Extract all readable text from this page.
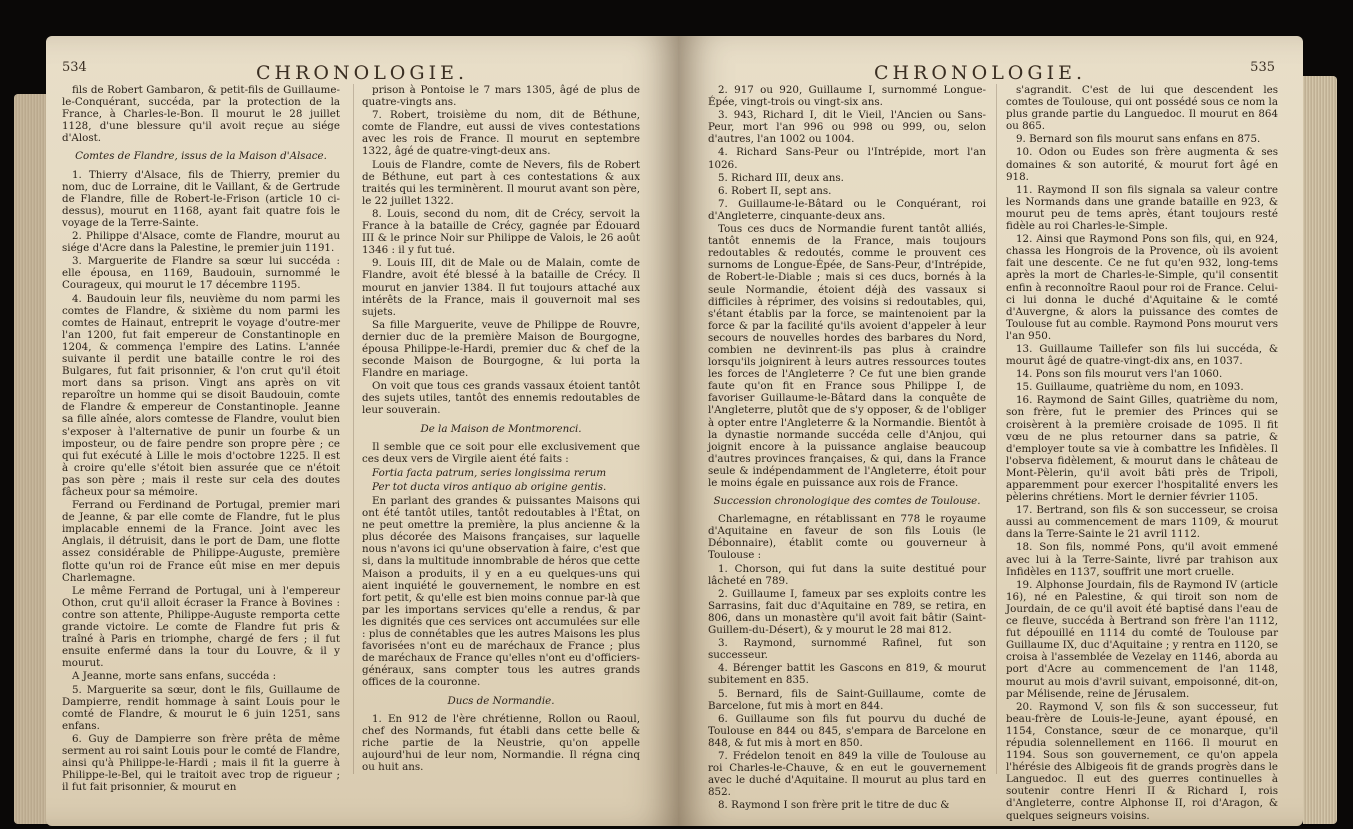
534	CHRONOLOGIE.

fils de Robert Gambaron, & petit-fils de Guillaume-le-Conquérant, succéda, par la protection de la France, à Charles-le-Bon. Il mourut le 28 juillet 1128, d'une blessure qu'il avoit reçue au siége d'Alost.

Comtes de Flandre, issus de la Maison d'Alsace.

1. Thierry d'Alsace, fils de Thierry, premier du nom, duc de Lorraine, dit le Vaillant, & de Gertrude de Flandre, fille de Robert-le-Frison (article 10 ci-dessus), mourut en 1168, ayant fait quatre fois le voyage de la Terre-Sainte.

2. Philippe d'Alsace, comte de Flandre, mourut au siége d'Acre dans la Palestine, le premier juin 1191.

3. Marguerite de Flandre sa sœur lui succéda : elle épousa, en 1169, Baudouin, surnommé le Courageux, qui mourut le 17 décembre 1195.

4. Baudouin leur fils, neuvième du nom parmi les comtes de Flandre, & sixième du nom parmi les comtes de Hainaut, entreprit le voyage d'outre-mer l'an 1200, fut fait empereur de Constantinople en 1204, & commença l'empire des Latins. L'année suivante il perdit une bataille contre le roi des Bulgares, fut fait prisonnier, & l'on crut qu'il étoit mort dans sa prison. Vingt ans après on vit reparoître un homme qui se disoit Baudouin, comte de Flandre & empereur de Constantinople. Jeanne sa fille aînée, alors comtesse de Flandre, voulut bien s'exposer à l'alternative de punir un fourbe & un imposteur, ou de faire pendre son propre père ; ce qui fut exécuté à Lille le mois d'octobre 1225. Il est à croire qu'elle s'étoit bien assurée que ce n'étoit pas son père ; mais il reste sur cela des doutes fâcheux pour sa mémoire.

Ferrand ou Ferdinand de Portugal, premier mari de Jeanne, & par elle comte de Flandre, fut le plus implacable ennemi de la France. Joint avec les Anglais, il détruisit, dans le port de Dam, une flotte assez considérable de Philippe-Auguste, première flotte qu'un roi de France eût mise en mer depuis Charlemagne.

Le même Ferrand de Portugal, uni à l'empereur Othon, crut qu'il alloit écraser la France à Bovines : contre son attente, Philippe-Auguste remporta cette grande victoire. Le comte de Flandre fut pris & traîné à Paris en triomphe, chargé de fers ; il fut ensuite enfermé dans la tour du Louvre, & il y mourut.

A Jeanne, morte sans enfans, succéda :

5. Marguerite sa sœur, dont le fils, Guillaume de Dampierre, rendit hommage à saint Louis pour le comté de Flandre, & mourut le 6 juin 1251, sans enfans.

6. Guy de Dampierre son frère prêta de même serment au roi saint Louis pour le comté de Flandre, ainsi qu'à Philippe-le-Hardi ; mais il fit la guerre à Philippe-le-Bel, qui le traitoit avec trop de rigueur ; il fut fait prisonnier, & mourut en

prison à Pontoise le 7 mars 1305, âgé de plus de quatre-vingts ans.

7. Robert, troisième du nom, dit de Béthune, comte de Flandre, eut aussi de vives contestations avec les rois de France. Il mourut en septembre 1322, âgé de quatre-vingt-deux ans.

Louis de Flandre, comte de Nevers, fils de Robert de Béthune, eut part à ces contestations & aux traités qui les terminèrent. Il mourut avant son père, le 22 juillet 1322.

8. Louis, second du nom, dit de Crécy, servoit la France à la bataille de Crécy, gagnée par Édouard III & le prince Noir sur Philippe de Valois, le 26 août 1346 : il y fut tué.

9. Louis III, dit de Male ou de Malain, comte de Flandre, avoit été blessé à la bataille de Crécy. Il mourut en janvier 1384. Il fut toujours attaché aux intérêts de la France, mais il gouvernoit mal ses sujets.

Sa fille Marguerite, veuve de Philippe de Rouvre, dernier duc de la première Maison de Bourgogne, épousa Philippe-le-Hardi, premier duc & chef de la seconde Maison de Bourgogne, & lui porta la Flandre en mariage.

On voit que tous ces grands vassaux étoient tantôt des sujets utiles, tantôt des ennemis redoutables de leur souverain.

De la Maison de Montmorenci.

Il semble que ce soit pour elle exclusivement que ces deux vers de Virgile aient été faits :

Fortia facta patrum, series longissima rerum

Per tot ducta viros antiquo ab origine gentis.

En parlant des grandes & puissantes Maisons qui ont été tantôt utiles, tantôt redoutables à l'État, on ne peut omettre la première, la plus ancienne & la plus décorée des Maisons françaises, sur laquelle nous n'avons ici qu'une observation à faire, c'est que si, dans la multitude innombrable de héros que cette Maison a produits, il y en a eu quelques-uns qui aient inquiété le gouvernement, le nombre en est fort petit, & qu'elle est bien moins connue par-là que par les importans services qu'elle a rendus, & par les dignités que ces services ont accumulées sur elle : plus de connétables que les autres Maisons les plus favorisées n'ont eu de maréchaux de France ; plus de maréchaux de France qu'elles n'ont eu d'officiers-généraux, sans compter tous les autres grands offices de la couronne.

Ducs de Normandie.

1. En 912 de l'ère chrétienne, Rollon ou Raoul, chef des Normands, fut établi dans cette belle & riche partie de la Neustrie, qu'on appelle aujourd'hui de leur nom, Normandie. Il régna cinq ou huit ans.

CHRONOLOGIE.	535

2. 917 ou 920, Guillaume I, surnommé Longue-Épée, vingt-trois ou vingt-six ans.

3. 943, Richard I, dit le Vieil, l'Ancien ou Sans-Peur, mort l'an 996 ou 998 ou 999, ou, selon d'autres, l'an 1002 ou 1004.

4. Richard Sans-Peur ou l'Intrépide, mort l'an 1026.

5. Richard III, deux ans.

6. Robert II, sept ans.

7. Guillaume-le-Bâtard ou le Conquérant, roi d'Angleterre, cinquante-deux ans.

Tous ces ducs de Normandie furent tantôt alliés, tantôt ennemis de la France, mais toujours redoutables & redoutés, comme le prouvent ces surnoms de Longue-Épée, de Sans-Peur, d'Intrépide, de Robert-le-Diable ; mais si ces ducs, bornés à la seule Normandie, étoient déjà des vassaux si difficiles à réprimer, des voisins si redoutables, qui, s'étant établis par la force, se maintenoient par la force & par la facilité qu'ils avoient d'appeler à leur secours de nouvelles hordes des barbares du Nord, combien ne devinrent-ils pas plus à craindre lorsqu'ils joignirent à leurs autres ressources toutes les forces de l'Angleterre ? Ce fut une bien grande faute qu'on fit en France sous Philippe I, de favoriser Guillaume-le-Bâtard dans la conquête de l'Angleterre, plutôt que de s'y opposer, & de l'obliger à opter entre l'Angleterre & la Normandie. Bientôt à la dynastie normande succéda celle d'Anjou, qui joignit encore à la puissance anglaise beaucoup d'autres provinces françaises, & qui, dans la France seule & indépendamment de l'Angleterre, étoit pour le moins égale en puissance aux rois de France.

Succession chronologique des comtes de Toulouse.

Charlemagne, en rétablissant en 778 le royaume d'Aquitaine en faveur de son fils Louis (le Débonnaire), établit comte ou gouverneur à Toulouse :

1. Chorson, qui fut dans la suite destitué pour lâcheté en 789.

2. Guillaume I, fameux par ses exploits contre les Sarrasins, fait duc d'Aquitaine en 789, se retira, en 806, dans un monastère qu'il avoit fait bâtir (Saint-Guillem-du-Désert), & y mourut le 28 mai 812.

3. Raymond, surnommé Rafinel, fut son successeur.

4. Bérenger battit les Gascons en 819, & mourut subitement en 835.

5. Bernard, fils de Saint-Guillaume, comte de Barcelone, fut mis à mort en 844.

6. Guillaume son fils fut pourvu du duché de Toulouse en 844 ou 845, s'empara de Barcelone en 848, & fut mis à mort en 850.

7. Frédelon tenoit en 849 la ville de Toulouse au roi Charles-le-Chauve, & en eut le gouvernement avec le duché d'Aquitaine. Il mourut au plus tard en 852.

8. Raymond I son frère prit le titre de duc &

s'agrandit. C'est de lui que descendent les comtes de Toulouse, qui ont possédé sous ce nom la plus grande partie du Languedoc. Il mourut en 864 ou 865.

9. Bernard son fils mourut sans enfans en 875.

10. Odon ou Eudes son frère augmenta & ses domaines & son autorité, & mourut fort âgé en 918.

11. Raymond II son fils signala sa valeur contre les Normands dans une grande bataille en 923, & mourut peu de tems après, étant toujours resté fidèle au roi Charles-le-Simple.

12. Ainsi que Raymond Pons son fils, qui, en 924, chassa les Hongrois de la Provence, où ils avoient fait une descente. Ce ne fut qu'en 932, long-tems après la mort de Charles-le-Simple, qu'il consentit enfin à reconnoître Raoul pour roi de France. Celui-ci lui donna le duché d'Aquitaine & le comté d'Auvergne, & alors la puissance des comtes de Toulouse fut au comble. Raymond Pons mourut vers l'an 950.

13. Guillaume Taillefer son fils lui succéda, & mourut âgé de quatre-vingt-dix ans, en 1037.

14. Pons son fils mourut vers l'an 1060.

15. Guillaume, quatrième du nom, en 1093.

16. Raymond de Saint Gilles, quatrième du nom, son frère, fut le premier des Princes qui se croisèrent à la première croisade de 1095. Il fit vœu de ne plus retourner dans sa patrie, & d'employer toute sa vie à combattre les Infidèles. Il l'observa fidèlement, & mourut dans le château de Mont-Pèlerin, qu'il avoit bâti près de Tripoli, apparemment pour exercer l'hospitalité envers les pèlerins chrétiens. Mort le dernier février 1105.

17. Bertrand, son fils & son successeur, se croisa aussi au commencement de mars 1109, & mourut dans la Terre-Sainte le 21 avril 1112.

18. Son fils, nommé Pons, qu'il avoit emmené avec lui à la Terre-Sainte, livré par trahison aux Infidèles en 1137, souffrit une mort cruelle.

19. Alphonse Jourdain, fils de Raymond IV (article 16), né en Palestine, & qui tiroit son nom de Jourdain, de ce qu'il avoit été baptisé dans l'eau de ce fleuve, succéda à Bertrand son frère l'an 1112, fut dépouillé en 1114 du comté de Toulouse par Guillaume IX, duc d'Aquitaine ; y rentra en 1120, se croisa à l'assemblée de Vezelay en 1146, aborda au port d'Acre au commencement de l'an 1148, mourut au mois d'avril suivant, empoisonné, dit-on, par Mélisende, reine de Jérusalem.

20. Raymond V, son fils & son successeur, fut beau-frère de Louis-le-Jeune, ayant épousé, en 1154, Constance, sœur de ce monarque, qu'il répudia solennellement en 1166. Il mourut en 1194. Sous son gouvernement, ce qu'on appela l'hérésie des Albigeois fit de grands progrès dans le Languedoc. Il eut des guerres continuelles à soutenir contre Henri II & Richard I, rois d'Angleterre, contre Alphonse II, roi d'Aragon, & quelques seigneurs voisins.
